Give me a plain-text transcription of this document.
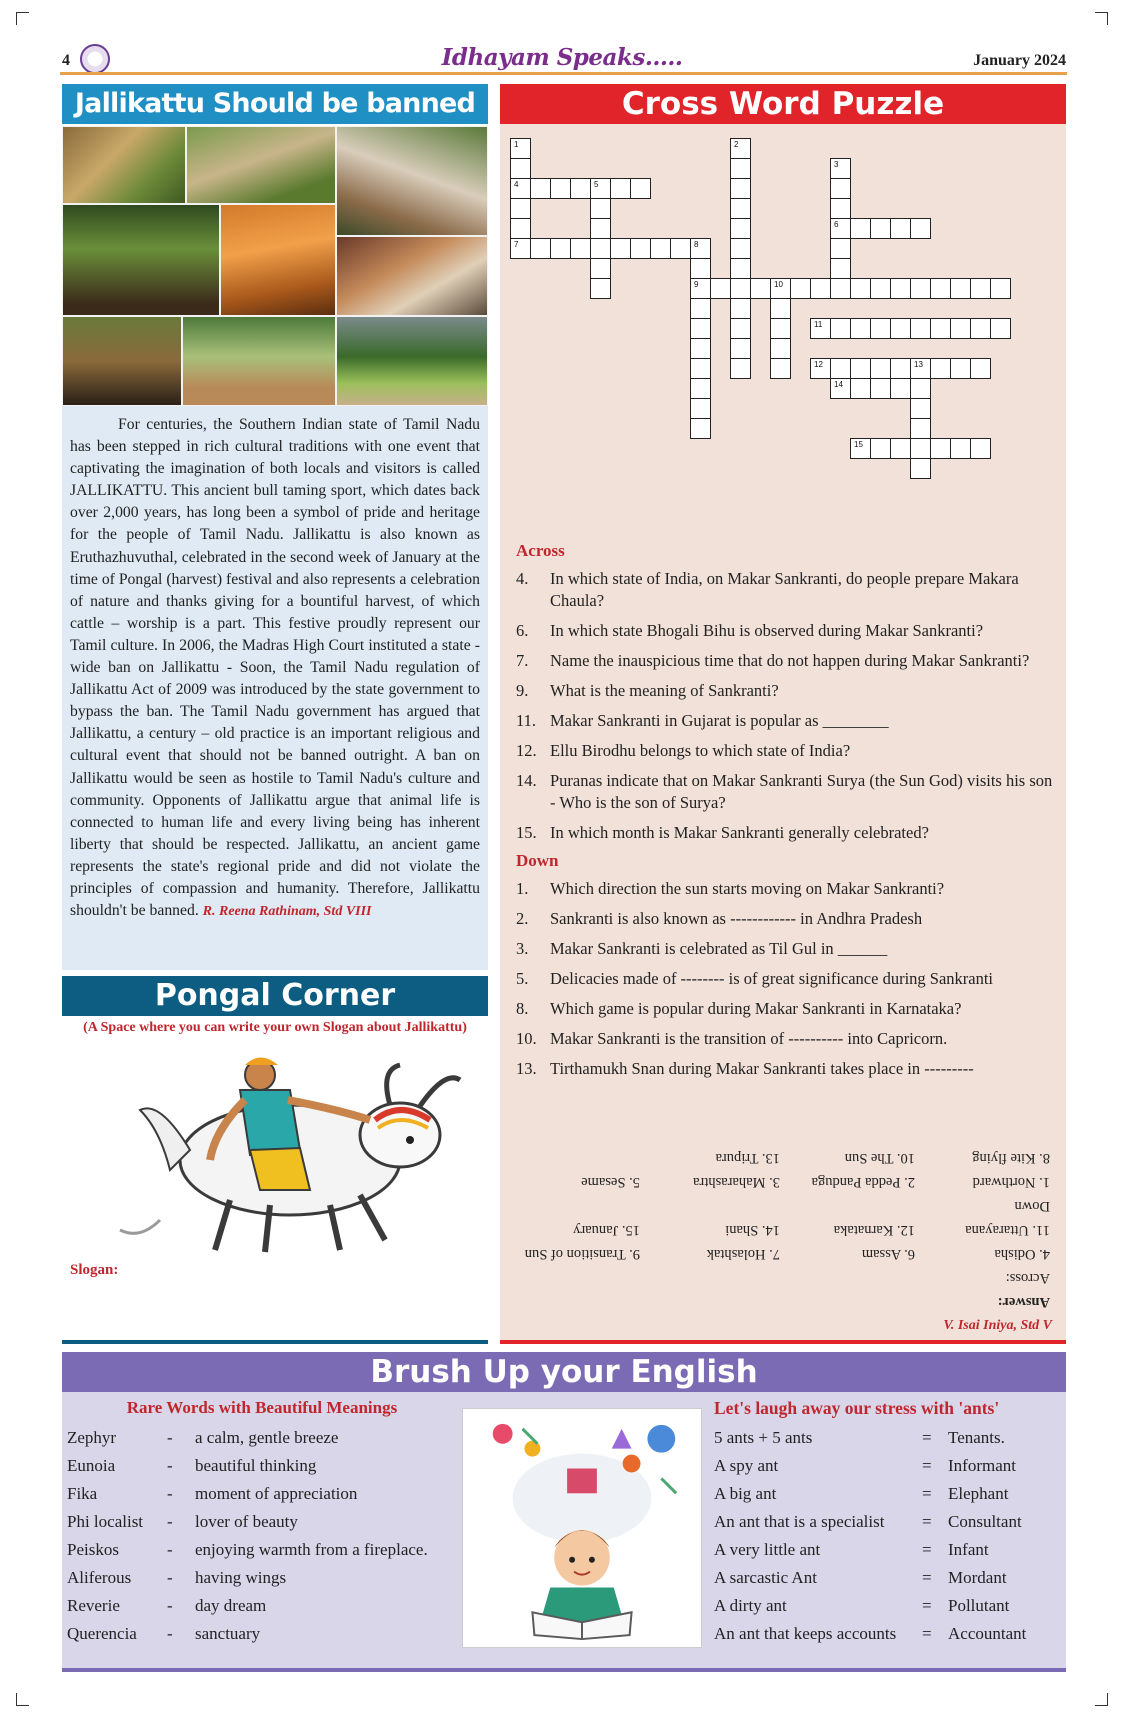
4	Idhayam Speaks.....	January 2024
Jallikattu Should be banned

For centuries, the Southern Indian state of Tamil Nadu has been stepped in rich cultural traditions with one event that captivating the imagination of both locals and visitors is called JALLIKATTU. This ancient bull taming sport, which dates back over 2,000 years, has long been a symbol of pride and heritage for the people of Tamil Nadu. Jallikattu is also known as Eruthazhuvuthal, celebrated in the second week of January at the time of Pongal (harvest) festival and also represents a celebration of nature and thanks giving for a bountiful harvest, of which cattle – worship is a part. This festive proudly represent our Tamil culture. In 2006, the Madras High Court instituted a state - wide ban on Jallikattu - Soon, the Tamil Nadu regulation of Jallikattu Act of 2009 was introduced by the state government to bypass the ban. The Tamil Nadu government has argued that Jallikattu, a century – old practice is an important religious and cultural event that should not be banned outright. A ban on Jallikattu would be seen as hostile to Tamil Nadu's culture and community. Opponents of Jallikattu argue that animal life is connected to human life and every living being has inherent liberty that should be respected. Jallikattu, an ancient game represents the state's regional pride and did not violate the principles of compassion and humanity. Therefore, Jallikattu shouldn't be banned. R. Reena Rathinam, Std VIII

Pongal Corner
(A Space where you can write your own Slogan about Jallikattu)
Slogan:
Cross Word Puzzle
1
4
7
2
3
6
5
8
9	10
11
12	13
14
15
Across
4.	In which state of India, on Makar Sankranti, do people prepare Makara Chaula?
6.	In which state Bhogali Bihu is observed during Makar Sankranti?
7.	Name the inauspicious time that do not happen during Makar Sankranti?
9.	What is the meaning of Sankranti?
11. Makar Sankranti in Gujarat is popular as ________
12. Ellu Birodhu belongs to which state of India?
14. Puranas indicate that on Makar Sankranti Surya (the Sun God) visits his son - Who is the son of Surya?
15. In which month is Makar Sankranti generally celebrated?
Down
1.	Which direction the sun starts moving on Makar Sankranti?
2.	Sankranti is also known as ------------ in Andhra Pradesh
3.	Makar Sankranti is celebrated as Til Gul in ______
5.	Delicacies made of -------- is of great significance during Sankranti
8.	Which game is popular during Makar Sankranti in Karnataka?
10. Makar Sankranti is the transition of ---------- into Capricorn.
13. Tirthamukh Snan during Makar Sankranti takes place in ---------
Answer:
Across:
4. Odisha
6. Assam
7. Holashtak
9. Transition of Sun
11. Uttarayana
12. Karnataka
14. Shani
15. January
Down
1. Northward
2. Pedda Panduga
3. Maharashtra
5. Sesame
8. Kite flying
10. The Sun
13. Tripura
V. Isai Iniya, Std V
Brush Up your English
Rare Words with Beautiful Meanings
Zephyr	-	a calm, gentle breeze
Eunoia	-	beautiful thinking
Fika	-	moment of appreciation
Phi localist	-	lover of beauty
Peiskos	-	enjoying warmth from a fireplace.
Aliferous	-	having wings
Reverie	-	day dream
Querencia	-	sanctuary
Let's laugh away our stress with 'ants'
5 ants + 5 ants	= Tenants.
A spy ant	= Informant
A big ant	= Elephant
An ant that is a specialist	= Consultant
A very little ant	= Infant
A sarcastic Ant	= Mordant
A dirty ant	= Pollutant
An ant that keeps accounts	= Accountant
